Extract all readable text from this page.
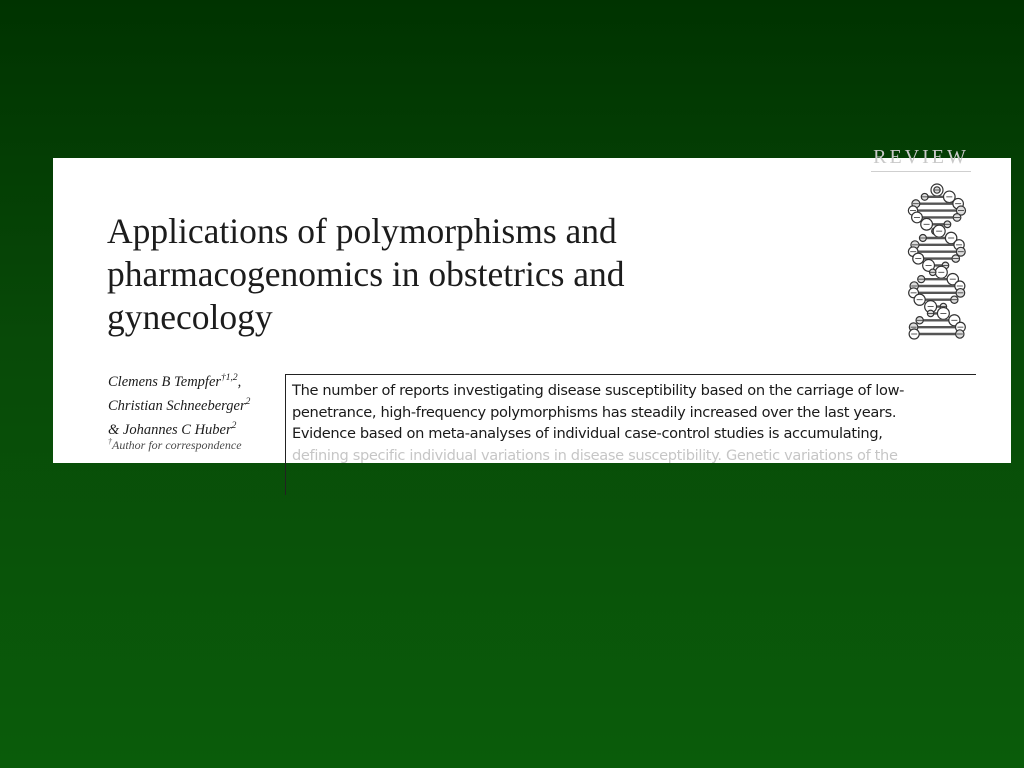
REVIEW
Applications of polymorphisms and
pharmacogenomics in obstetrics and
gynecology
Clemens B Tempfer$^{\dagger 1,2}$,
Christian Schneeberger$^2$
& Johannes C Huber$^2$
†Author for correspondence

The number of reports investigating disease susceptibility based on the carriage of low-
penetrance, high-frequency polymorphisms has steadily increased over the last years.
Evidence based on meta-analyses of individual case-control studies is accumulating,
defining specific individual variations in disease susceptibility. Genetic variations of the
